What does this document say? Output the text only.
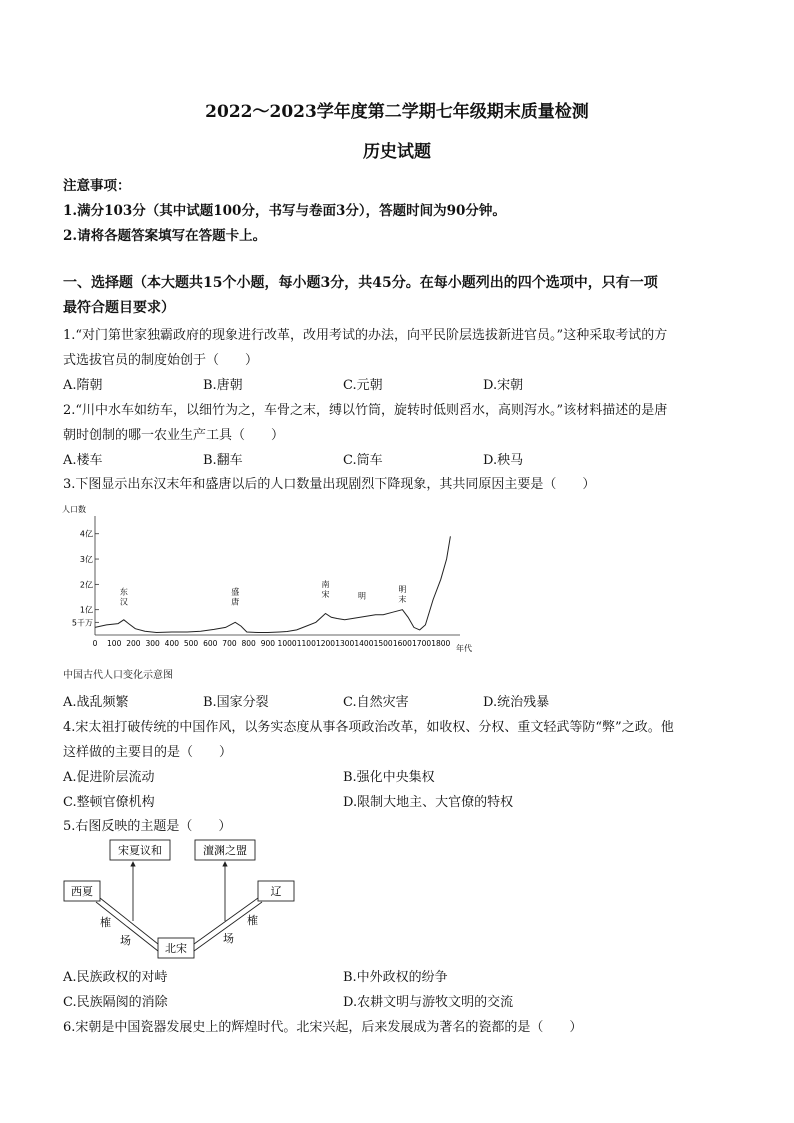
2022～2023学年度第二学期七年级期末质量检测
历史试题
注意事项：
1.满分103分（其中试题100分，书写与卷面3分），答题时间为90分钟。
2.请将各题答案填写在答题卡上。
一、选择题（本大题共15个小题，每小题3分，共45分。在每小题列出的四个选项中，只有一项
最符合题目要求）
1.“对门第世家独霸政府的现象进行改革，改用考试的办法，向平民阶层选拔新进官员。”这种采取考试的方
式选拔官员的制度始创于（　　）
A.隋朝	B.唐朝	C.元朝	D.宋朝
2.“川中水车如纺车，以细竹为之，车骨之末，缚以竹筒，旋转时低则舀水，高则泻水。”该材料描述的是唐
朝时创制的哪一农业生产工具（　　）
A.楼车	B.翻车	C.筒车	D.秧马
3.下图显示出东汉末年和盛唐以后的人口数量出现剧烈下降现象，其共同原因主要是（　　）
人口数
年代
5千万
1亿
2亿
3亿
4亿
0 100 200 300 400 500 600 700 800 900 1000 1100 1200 1300 1400 1500 1600 1700 1800
东
汉
盛
唐
南
宋	明
明
末
中国古代人口变化示意图
A.战乱频繁	B.国家分裂	C.自然灾害	D.统治残暴
4.宋太祖打破传统的中国作风，以务实态度从事各项政治改革，如收权、分权、重文轻武等防“弊”之政。他
这样做的主要目的是（　　）
A.促进阶层流动	B.强化中央集权
C.整顿官僚机构	D.限制大地主、大官僚的特权
5.右图反映的主题是（　　）
宋夏议和	澶渊之盟
西夏	辽
北宋
榷
场
榷
场
A.民族政权的对峙	B.中外政权的纷争
C.民族隔阂的消除	D.农耕文明与游牧文明的交流
6.宋朝是中国瓷器发展史上的辉煌时代。北宋兴起，后来发展成为著名的瓷都的是（　　）
